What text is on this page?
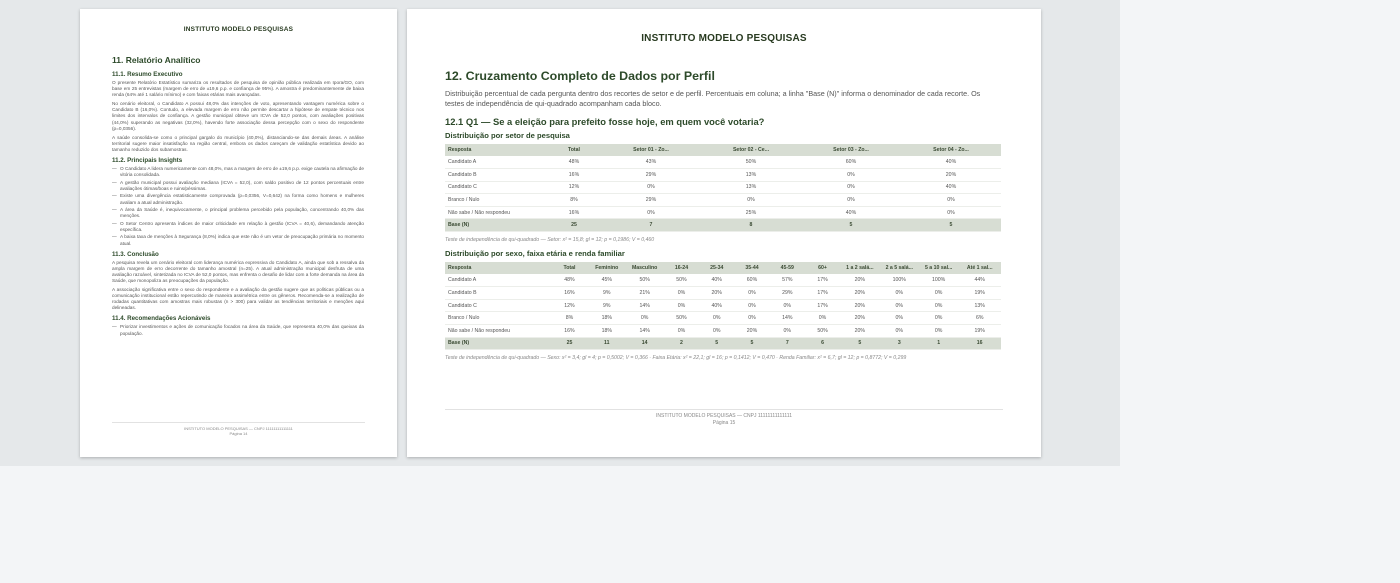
INSTITUTO MODELO PESQUISAS
11. Relatório Analítico
11.1. Resumo Executivo

O presente Relatório Estatístico sumariza os resultados de pesquisa de opinião pública realizada em Ipora/GO, com base em 25 entrevistas (margem de erro de ±19,6 p.p. e confiança de 95%). A amostra é predominantemente de baixa renda (64% até 1 salário mínimo) e com faixas etárias mais avançadas.

No cenário eleitoral, o Candidato A possui 48,0% das intenções de voto, apresentando vantagem numérica sobre o Candidato B (16,0%). Contudo, a elevada margem de erro não permite descartar a hipótese de empate técnico nos limites dos intervalos de confiança. A gestão municipal obteve um ICVA de 52,0 pontos, com avaliações positivas (44,0%) superando as negativas (32,0%), havendo forte associação dessa percepção com o sexo do respondente (p=0,0356).

A saúde consolida-se como o principal gargalo do município (40,0%), distanciando-se das demais áreas. A análise territorial sugere maior insatisfação na região central, embora os dados careçam de validação estatística devido ao tamanho reduzido dos subamostras.

11.2. Principais Insights
— O Candidato A lidera numericamente com 48,0%, mas a margem de erro de ±19,6 p.p. exige cautela na afirmação de vitória consolidada.
— A gestão municipal possui avaliação mediana (ICVA = 52,0), com saldo positivo de 12 pontos percentuais entre avaliações ótimas/boas e ruins/péssimas.
— Existe uma divergência estatisticamente comprovada (p=0,0356, V=0,642) na forma como homens e mulheres avaliam a atual administração.
— A área da Saúde é, inequivocamente, o principal problema percebido pela população, concentrando 40,0% das menções.
— O Setor Centro apresenta índices de maior criticidade em relação à gestão (ICVA = 40,6), demandando atenção específica.
— A baixa taxa de menções à Segurança (8,0%) indica que este não é um vetor de preocupação primária no momento atual.
11.3. Conclusão

A pesquisa revela um cenário eleitoral com liderança numérica expressiva do Candidato A, ainda que sob a ressalva da ampla margem de erro decorrente do tamanho amostral (n=25). A atual administração municipal desfruta de uma avaliação razoável, sintetizada no ICVA de 52,0 pontos, mas enfrenta o desafio de lidar com a forte demanda na área da Saúde, que monopoliza as preocupações da população.

A associação significativa entre o sexo do respondente e a avaliação da gestão sugere que as políticas públicas ou a comunicação institucional estão repercutindo de maneira assimétrica entre os gêneros. Recomenda-se a realização de rodadas quantitativas com amostras mais robustas (n > 300) para validar as tendências territoriais e menções aqui delineadas.

11.4. Recomendações Acionáveis
— Priorizar investimentos e ações de comunicação focados na área da Saúde, que representa 40,0% das queixas da população.
INSTITUTO MODELO PESQUISAS — CNPJ 11111111111111
Página 14
INSTITUTO MODELO PESQUISAS
12. Cruzamento Completo de Dados por Perfil

Distribuição percentual de cada pergunta dentro dos recortes de setor e de perfil. Percentuais em coluna; a linha "Base (N)" informa o denominador de cada recorte. Os testes de independência de qui-quadrado acompanham cada bloco.

12.1 Q1 — Se a eleição para prefeito fosse hoje, em quem você votaria?
Distribuição por setor de pesquisa
Resposta	Total	Setor 01 - Zo...	Setor 02 - Ce...	Setor 03 - Zo...	Setor 04 - Zo...
Candidato A	48%	43%	50%	60%	40%
Candidato B	16%	29%	13%	0%	20%
Candidato C	12%	0%	13%	0%	40%
Branco / Nulo	8%	29%	0%	0%	0%
Não sabe / Não respondeu	16%	0%	25%	40%	0%
Base (N)	25	7	8	5	5
Teste de independência de qui-quadrado — Setor: x² = 15,8; gl = 12; p = 0,1986; V = 0,460
Distribuição por sexo, faixa etária e renda familiar
Resposta	Total	Feminino	Masculino	16-24	25-34	35-44	45-59	60+	1 a 2 salá...	2 a 5 salá...	5 a 10 sal...	Até 1 sal...
Candidato A	48%	45%	50%	50%	40%	60%	57%	17%	20%	100%	100%	44%
Candidato B	16%	9%	21%	0%	20%	0%	29%	17%	20%	0%	0%	19%
Candidato C	12%	9%	14%	0%	40%	0%	0%	17%	20%	0%	0%	13%
Branco / Nulo	8%	18%	0%	50%	0%	0%	14%	0%	20%	0%	0%	6%
Não sabe / Não respondeu	16%	18%	14%	0%	0%	20%	0%	50%	20%	0%	0%	19%
Base (N)	25	11	14	2	5	5	7	6	5	3	1	16
Teste de independência de qui-quadrado — Sexo: x² = 3,4; gl = 4; p = 0,5002; V = 0,366 · Faixa Etária: x² = 22,1; gl = 16; p = 0,1412; V = 0,470 · Renda Familiar: x² = 6,7; gl = 12; p = 0,8772; V = 0,299
INSTITUTO MODELO PESQUISAS — CNPJ 11111111111111
Página 15
